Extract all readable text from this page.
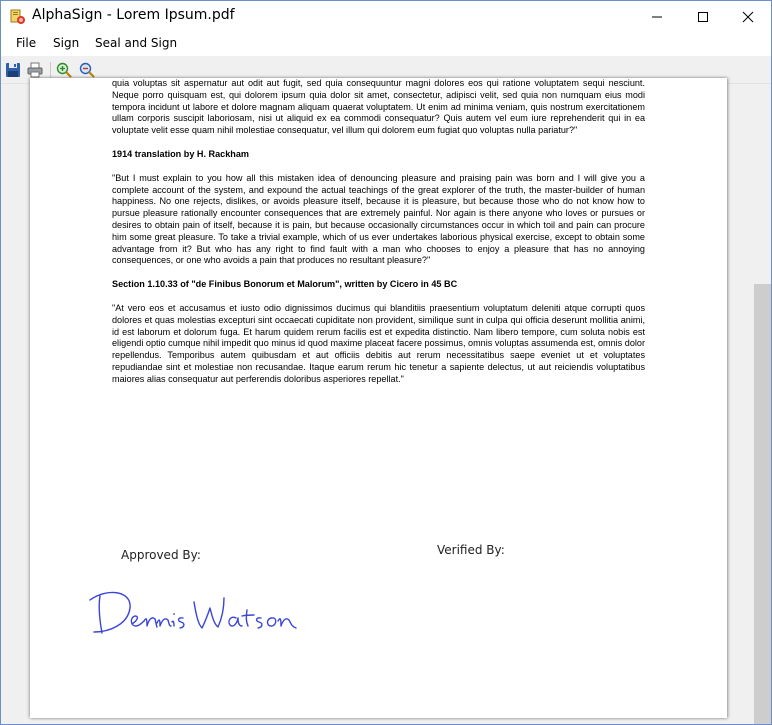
AlphaSign - Lorem Ipsum.pdf
File Sign Seal and Sign

quia voluptas sit aspernatur aut odit aut fugit, sed quia consequuntur magni dolores eos qui ratione voluptatem sequi nesciunt. Neque porro quisquam est, qui dolorem ipsum quia dolor sit amet, consectetur, adipisci velit, sed quia non numquam eius modi tempora incidunt ut labore et dolore magnam aliquam quaerat voluptatem. Ut enim ad minima veniam, quis nostrum exercitationem ullam corporis suscipit laboriosam, nisi ut aliquid ex ea commodi consequatur? Quis autem vel eum iure reprehenderit qui in ea voluptate velit esse quam nihil molestiae consequatur, vel illum qui dolorem eum fugiat quo voluptas nulla pariatur?"

1914 translation by H. Rackham

"But I must explain to you how all this mistaken idea of denouncing pleasure and praising pain was born and I will give you a complete account of the system, and expound the actual teachings of the great explorer of the truth, the master-builder of human happiness. No one rejects, dislikes, or avoids pleasure itself, because it is pleasure, but because those who do not know how to pursue pleasure rationally encounter consequences that are extremely painful. Nor again is there anyone who loves or pursues or desires to obtain pain of itself, because it is pain, but because occasionally circumstances occur in which toil and pain can procure him some great pleasure. To take a trivial example, which of us ever undertakes laborious physical exercise, except to obtain some advantage from it? But who has any right to find fault with a man who chooses to enjoy a pleasure that has no annoying consequences, or one who avoids a pain that produces no resultant pleasure?"

Section 1.10.33 of "de Finibus Bonorum et Malorum", written by Cicero in 45 BC

"At vero eos et accusamus et iusto odio dignissimos ducimus qui blanditiis praesentium voluptatum deleniti atque corrupti quos dolores et quas molestias excepturi sint occaecati cupiditate non provident, similique sunt in culpa qui officia deserunt mollitia animi, id est laborum et dolorum fuga. Et harum quidem rerum facilis est et expedita distinctio. Nam libero tempore, cum soluta nobis est eligendi optio cumque nihil impedit quo minus id quod maxime placeat facere possimus, omnis voluptas assumenda est, omnis dolor repellendus. Temporibus autem quibusdam et aut officiis debitis aut rerum necessitatibus saepe eveniet ut et voluptates repudiandae sint et molestiae non recusandae. Itaque earum rerum hic tenetur a sapiente delectus, ut aut reiciendis voluptatibus maiores alias consequatur aut perferendis doloribus asperiores repellat."

Approved By:	Verified By:
